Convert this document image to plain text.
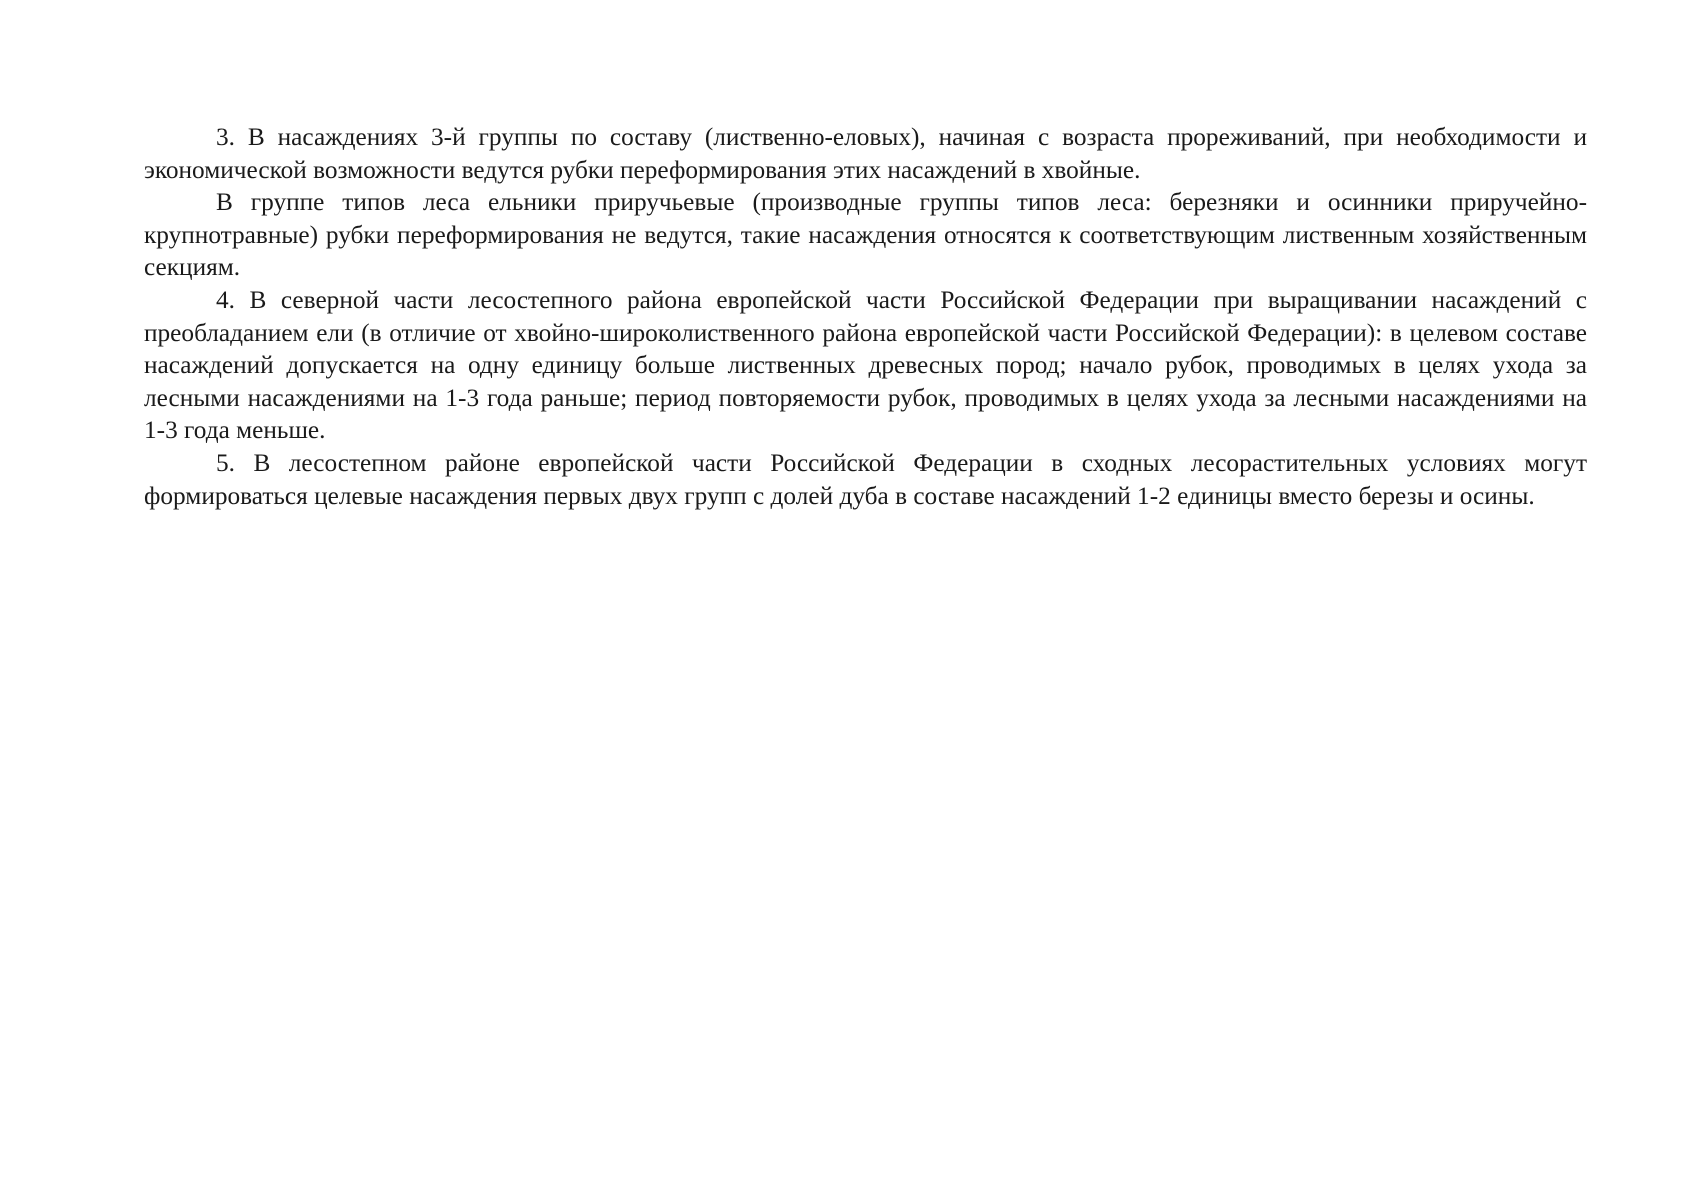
3. В насаждениях 3-й группы по составу (лиственно-еловых), начиная с возраста прореживаний, при необходимости и экономической возможности ведутся рубки переформирования этих насаждений в хвойные.

В группе типов леса ельники приручьевые (производные группы типов леса: березняки и осинники приручейно-крупнотравные) рубки переформирования не ведутся, такие насаждения относятся к соответствующим лиственным хозяйственным секциям.

4. В северной части лесостепного района европейской части Российской Федерации при выращивании насаждений с преобладанием ели (в отличие от хвойно-широколиственного района европейской части Российской Федерации): в целевом составе насаждений допускается на одну единицу больше лиственных древесных пород; начало рубок, проводимых в целях ухода за лесными насаждениями на 1-3 года раньше; период повторяемости рубок, проводимых в целях ухода за лесными насаждениями на 1-3 года меньше.

5. В лесостепном районе европейской части Российской Федерации в сходных лесорастительных условиях могут формироваться целевые насаждения первых двух групп с долей дуба в составе насаждений 1-2 единицы вместо березы и осины.
